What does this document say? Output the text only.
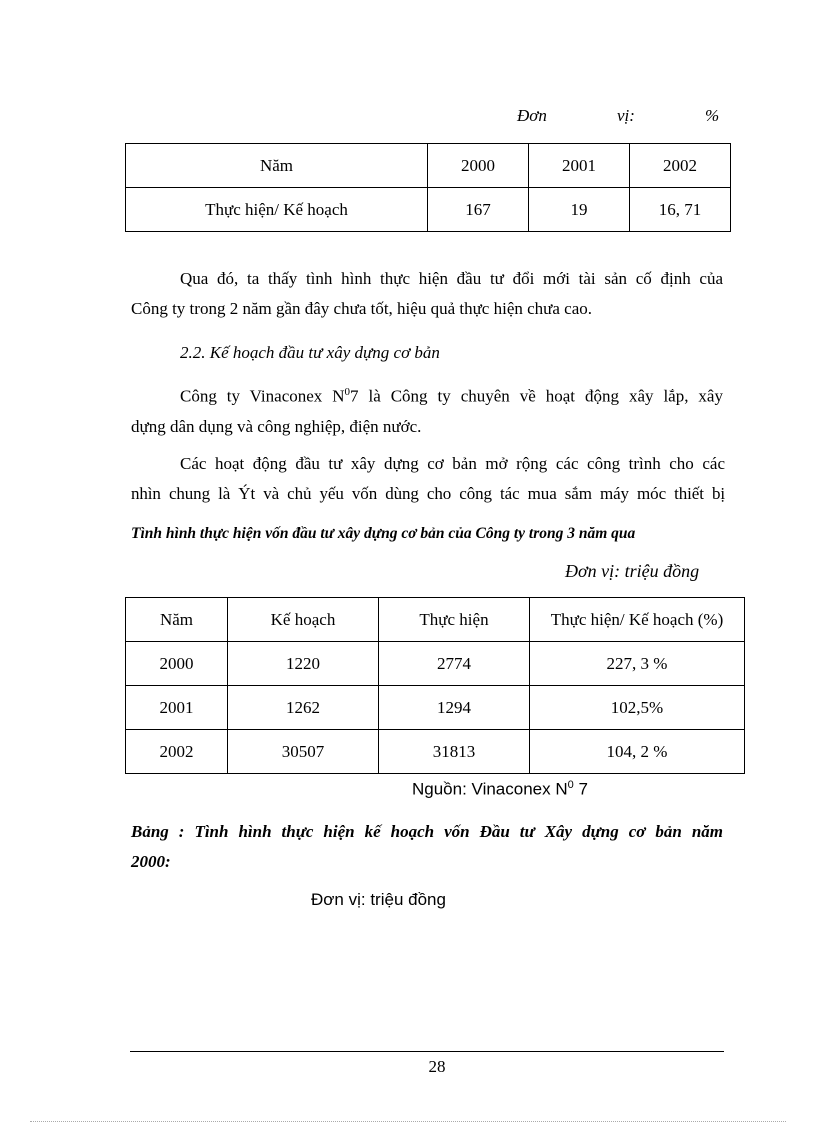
Đơn	vị:	%
Năm	2000	2001	2002
Thực hiện/ Kế hoạch	167	19	16, 71
Qua đó, ta thấy tình hình thực hiện đầu tư đổi mới tài sản cố định của
Công ty trong 2 năm gần đây chưa tốt, hiệu quả thực hiện chưa cao.
2.2. Kế hoạch đầu tư xây dựng cơ bản
Công ty Vinaconex $N^07$ là Công ty chuyên về hoạt động xây lắp, xây
dựng dân dụng và công nghiệp, điện nước.
Các hoạt động đầu tư xây dựng cơ bản mở rộng các công trình cho các
nhìn chung là Ýt và chủ yếu vốn dùng cho công tác mua sắm máy móc thiết bị
Tình hình thực hiện vốn đầu tư xây dựng cơ bản của Công ty trong 3 năm qua
Đơn vị: triệu đồng
Năm	Kế hoạch	Thực hiện	Thực hiện/ Kế hoạch (%)
2000	1220	2774	227, 3 %
2001	1262	1294	102,5%
2002	30507	31813	104, 2 %
Nguồn: Vinaconex $N^0$ 7
Bảng : Tình hình thực hiện kế hoạch vốn Đầu tư Xây dựng cơ bản năm
2000:
Đơn vị: triệu đồng
28
